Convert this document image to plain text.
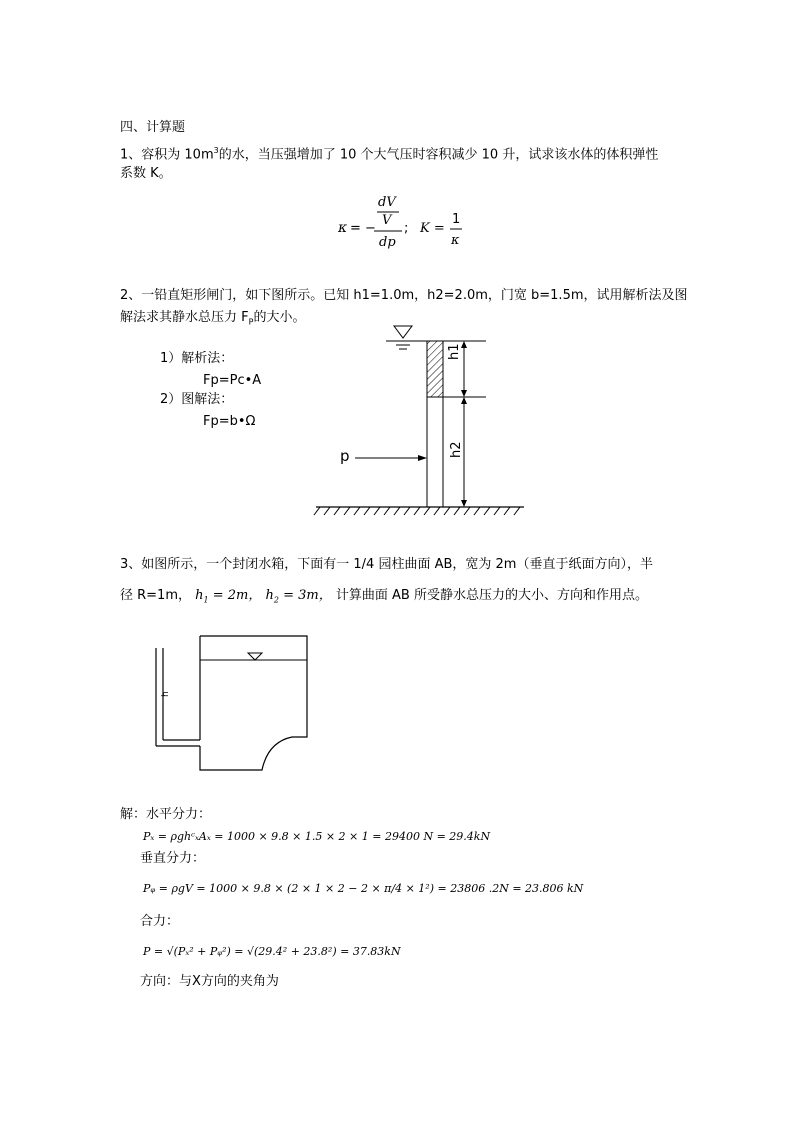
四、计算题
1、容积为 $10m^3$的水，当压强增加了 10 个大气压时容积减少 10 升，试求该水体的体积弹性
系数 K。
κ = −
dV
V
dp
; K =
1
κ
2、一铅直矩形闸门，如下图所示。已知 h1=1.0m，h2=2.0m，门宽 b=1.5m，试用解析法及图
解法求其静水总压力 $F_P$的大小。
1）解析法：
Fp=Pc•A
2）图解法：
Fp=b•Ω
h1
h2
p
3、如图所示，一个封闭水箱，下面有一 1/4 园柱曲面 AB，宽为 2m（垂直于纸面方向），半
径 R=1m， $h_1 = 2m$， $h_2 = 3m$， 计算曲面 AB 所受静水总压力的大小、方向和作用点。
h
解：水平分力：
Pₓ = ρghᶜₓAₓ = 1000 × 9.8 × 1.5 × 2 × 1 = 29400 N = 29.4kN
垂直分力：
Pᵩ = ρgV = 1000 × 9.8 × (2 × 1 × 2 − 2 × π/4 × 1²) = 23806 .2N = 23.806 kN
合力：
P = √(Pₓ² + Pᵩ²) = √(29.4² + 23.8²) = 37.83kN
方向：与X方向的夹角为
